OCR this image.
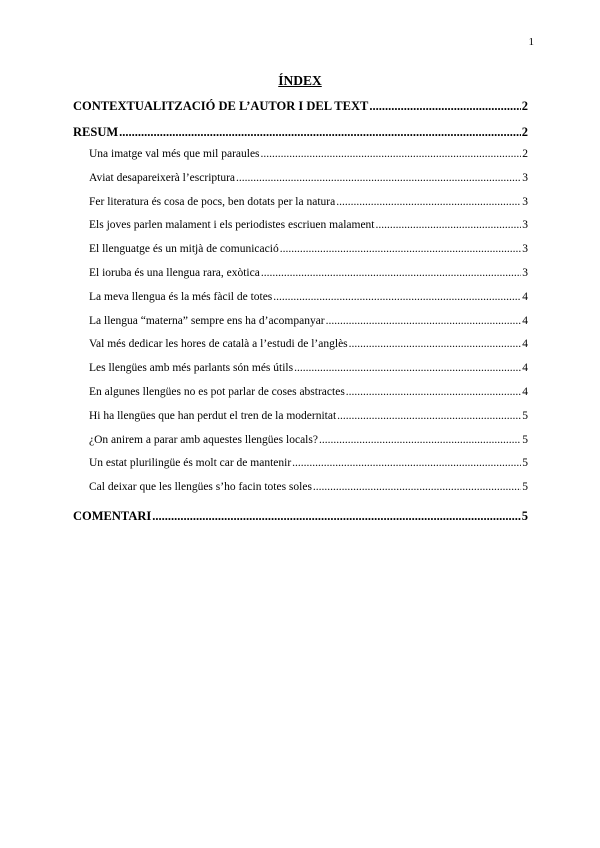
1
ÍNDEX
CONTEXTUALITZACIÓ DE L’AUTOR I DEL TEXT .....	2
RESUM .....	2
Una imatge val més que mil paraules .....	2
Aviat desapareixerà l’escriptura .....	3
Fer literatura és cosa de pocs, ben dotats per la natura .....	3
Els joves parlen malament i els periodistes escriuen malament .....	3
El llenguatge és un mitjà de comunicació .....	3
El ioruba és una llengua rara, exòtica .....	3
La meva llengua és la més fàcil de totes .....	4
La llengua “materna” sempre ens ha d’acompanyar .....	4
Val més dedicar les hores de català a l’estudi de l’anglès .....	4
Les llengües amb més parlants són més útils .....	4
En algunes llengües no es pot parlar de coses abstractes .....	4
Hi ha llengües que han perdut el tren de la modernitat .....	5
¿On anirem a parar amb aquestes llengües locals? .....	5
Un estat plurilingüe és molt car de mantenir .....	5
Cal deixar que les llengües s’ho facin totes soles .....	5
COMENTARI .....	5
